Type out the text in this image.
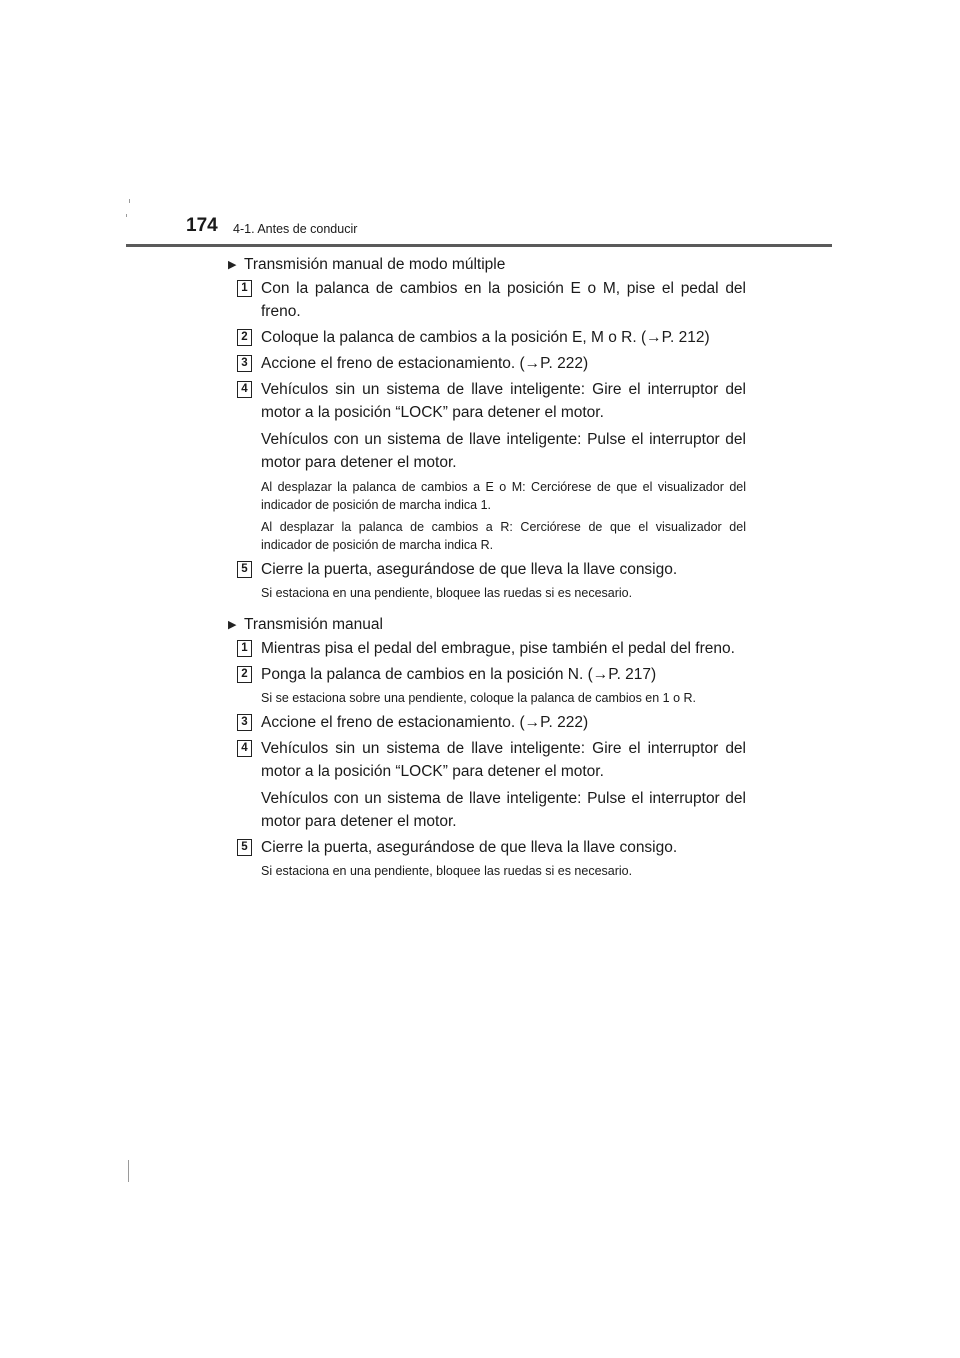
174 4-1. Antes de conducir
▶ Transmisión manual de modo múltiple
1 Con la palanca de cambios en la posición E o M, pise el pedal del freno.

2 Coloque la palanca de cambios a la posición E, M o R. (→P. 212)

3 Accione el freno de estacionamiento. (→P. 222)

4 Vehículos sin un sistema de llave inteligente: Gire el interruptor del motor a la posición “LOCK” para detener el motor.

Vehículos con un sistema de llave inteligente: Pulse el interruptor del motor para detener el motor.

Al desplazar la palanca de cambios a E o M: Cerciórese de que el visualizador del indicador de posición de marcha indica 1.

Al desplazar la palanca de cambios a R: Cerciórese de que el visualizador del indicador de posición de marcha indica R.

5 Cierre la puerta, asegurándose de que lleva la llave consigo.

Si estaciona en una pendiente, bloquee las ruedas si es necesario.

▶ Transmisión manual
1 Mientras pisa el pedal del embrague, pise también el pedal del freno.

2 Ponga la palanca de cambios en la posición N. (→P. 217)

Si se estaciona sobre una pendiente, coloque la palanca de cambios en 1 o R.

3 Accione el freno de estacionamiento. (→P. 222)

4 Vehículos sin un sistema de llave inteligente: Gire el interruptor del motor a la posición “LOCK” para detener el motor.

Vehículos con un sistema de llave inteligente: Pulse el interruptor del motor para detener el motor.

5 Cierre la puerta, asegurándose de que lleva la llave consigo.

Si estaciona en una pendiente, bloquee las ruedas si es necesario.
